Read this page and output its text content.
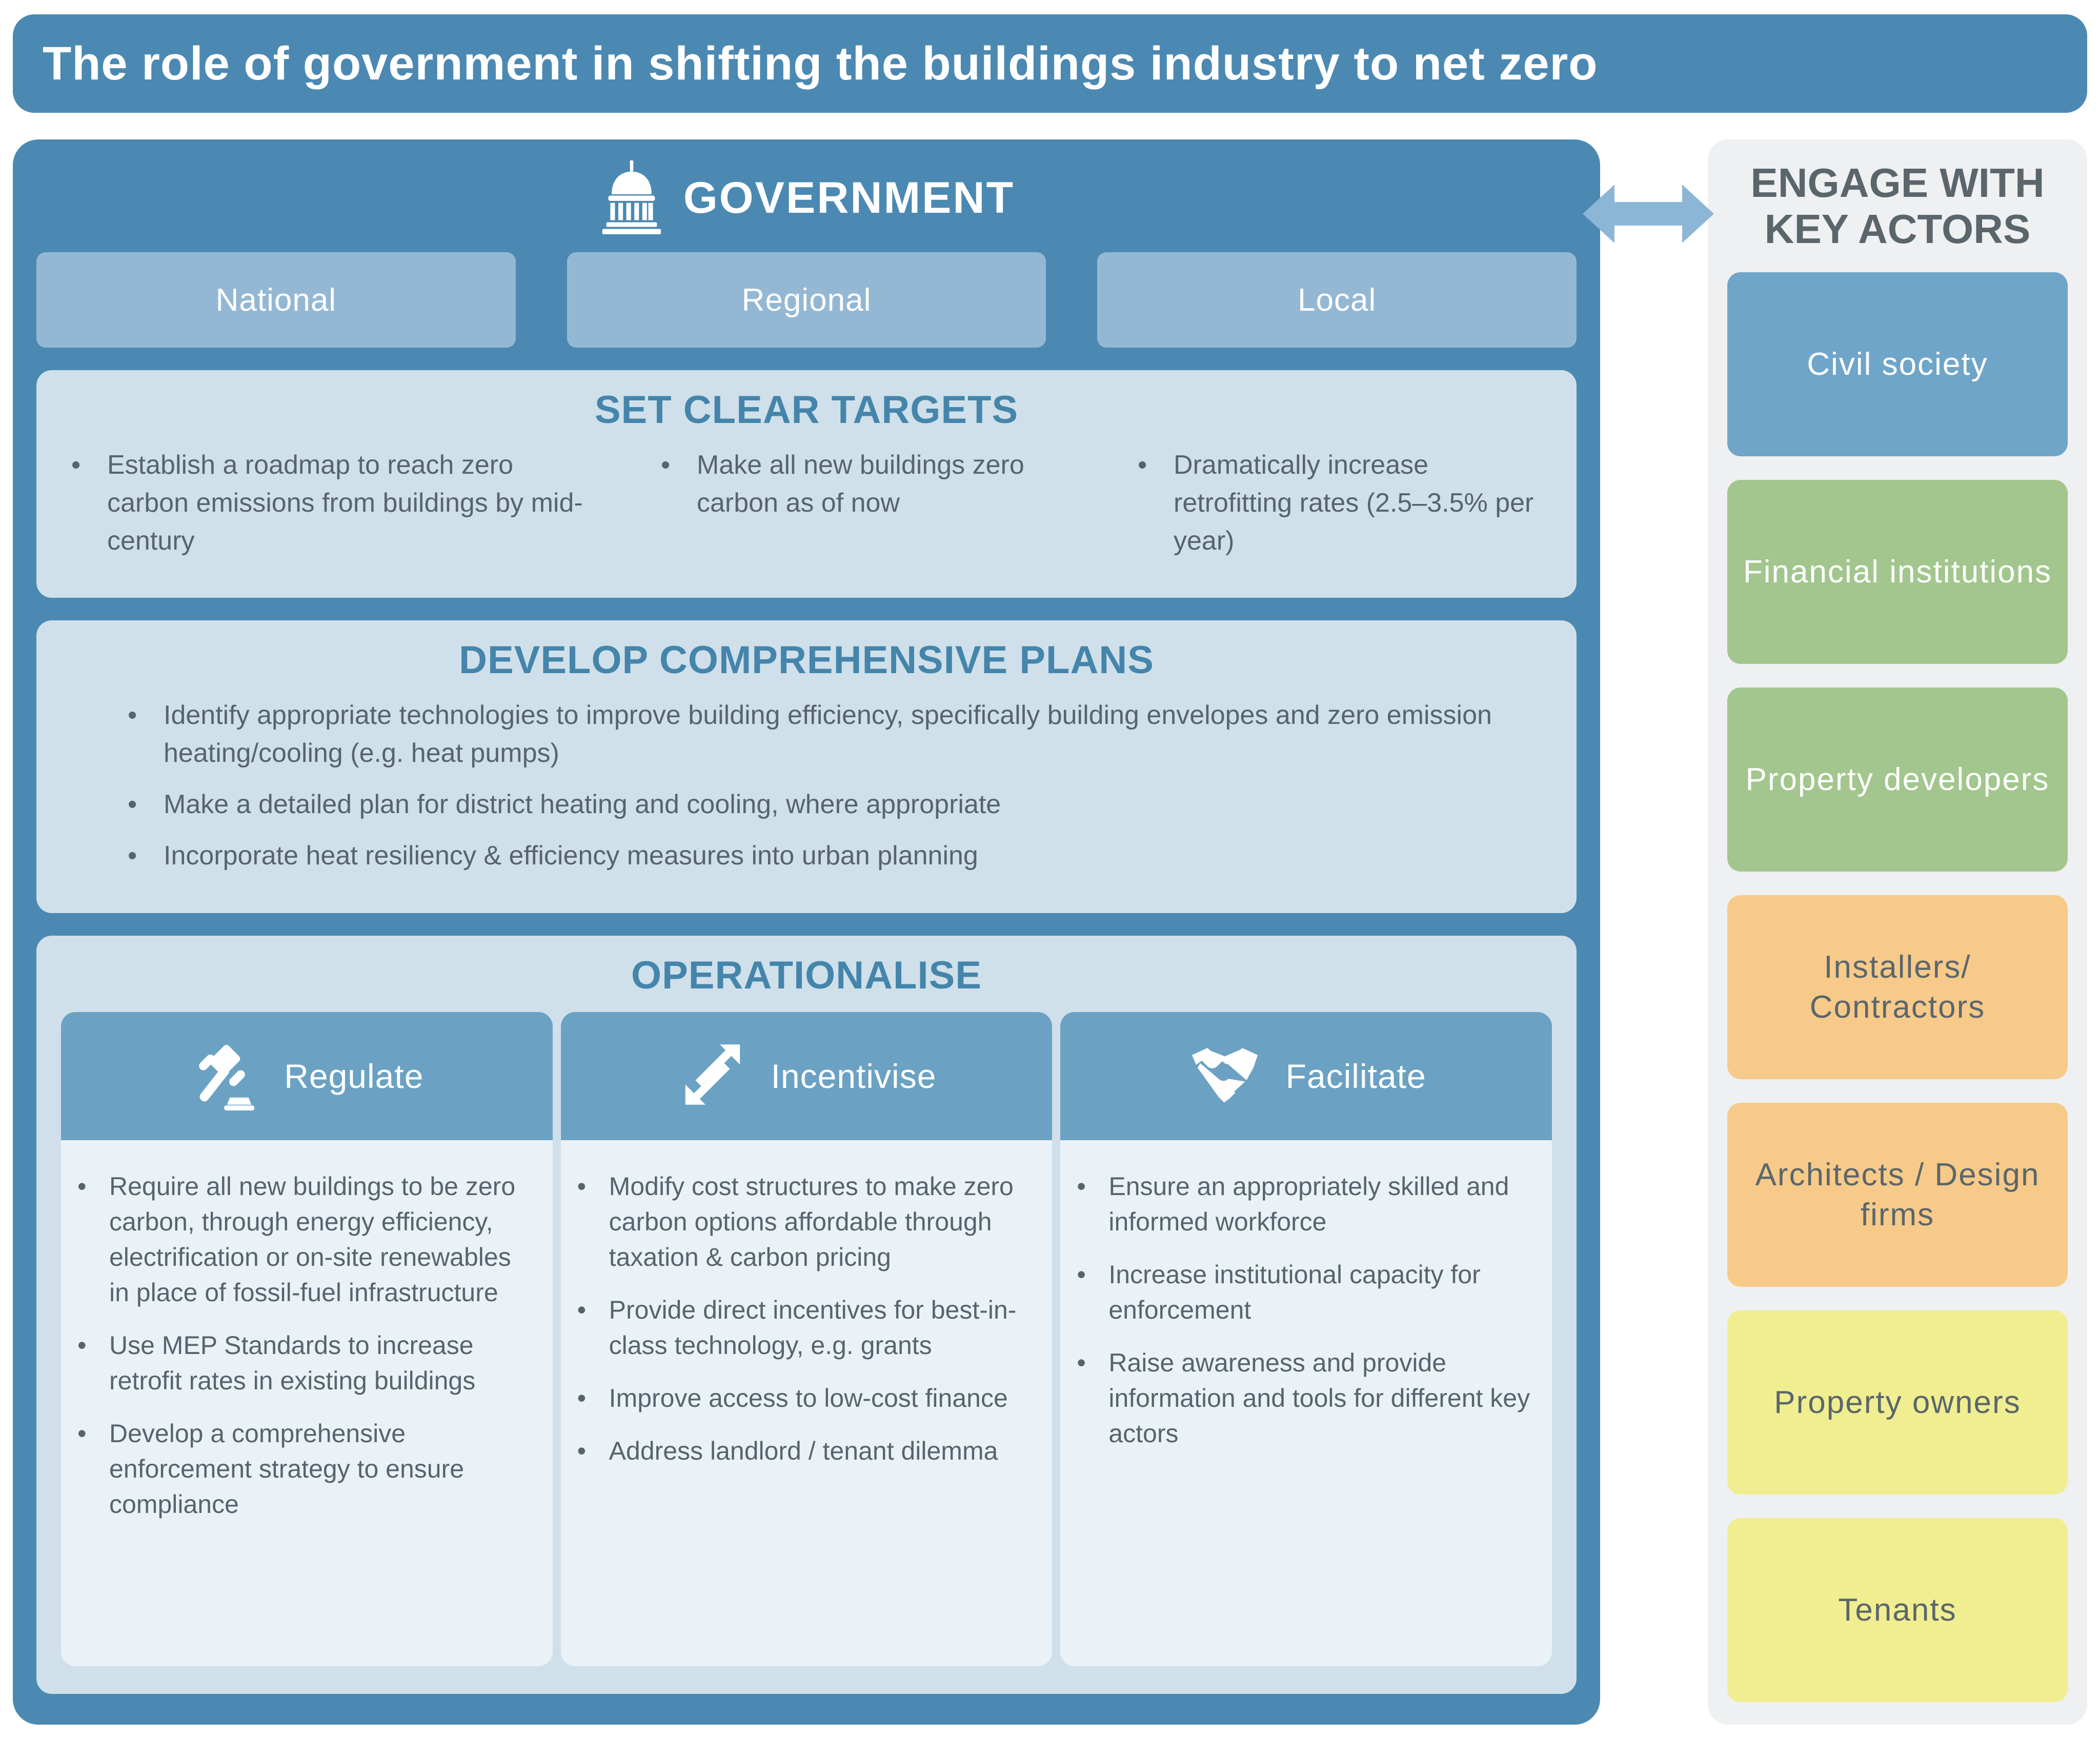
The role of government in shifting the buildings industry to net zero
GOVERNMENT
National	Regional	Local
SET CLEAR TARGETS
• Establish a roadmap to reach zero carbon emissions from buildings by mid-century
• Make all new buildings zero carbon as of now
• Dramatically increase retrofitting rates (2.5–3.5% per year)
DEVELOP COMPREHENSIVE PLANS
• Identify appropriate technologies to improve building efficiency, specifically building envelopes and zero emission heating/cooling (e.g. heat pumps)
• Make a detailed plan for district heating and cooling, where appropriate
• Incorporate heat resiliency & efficiency measures into urban planning
OPERATIONALISE
Regulate
• Require all new buildings to be zero carbon, through energy efficiency, electrification or on-site renewables in place of fossil-fuel infrastructure
• Use MEP Standards to increase retrofit rates in existing buildings
• Develop a comprehensive enforcement strategy to ensure compliance
Incentivise
• Modify cost structures to make zero carbon options affordable through taxation & carbon pricing
• Provide direct incentives for best-in-class technology, e.g. grants
• Improve access to low-cost finance
• Address landlord / tenant dilemma
Facilitate
• Ensure an appropriately skilled and informed workforce
• Increase institutional capacity for enforcement
• Raise awareness and provide information and tools for different key actors
ENGAGE WITH KEY ACTORS
Civil society
Financial institutions
Property developers
Installers/ Contractors
Architects / Design firms
Property owners
Tenants
